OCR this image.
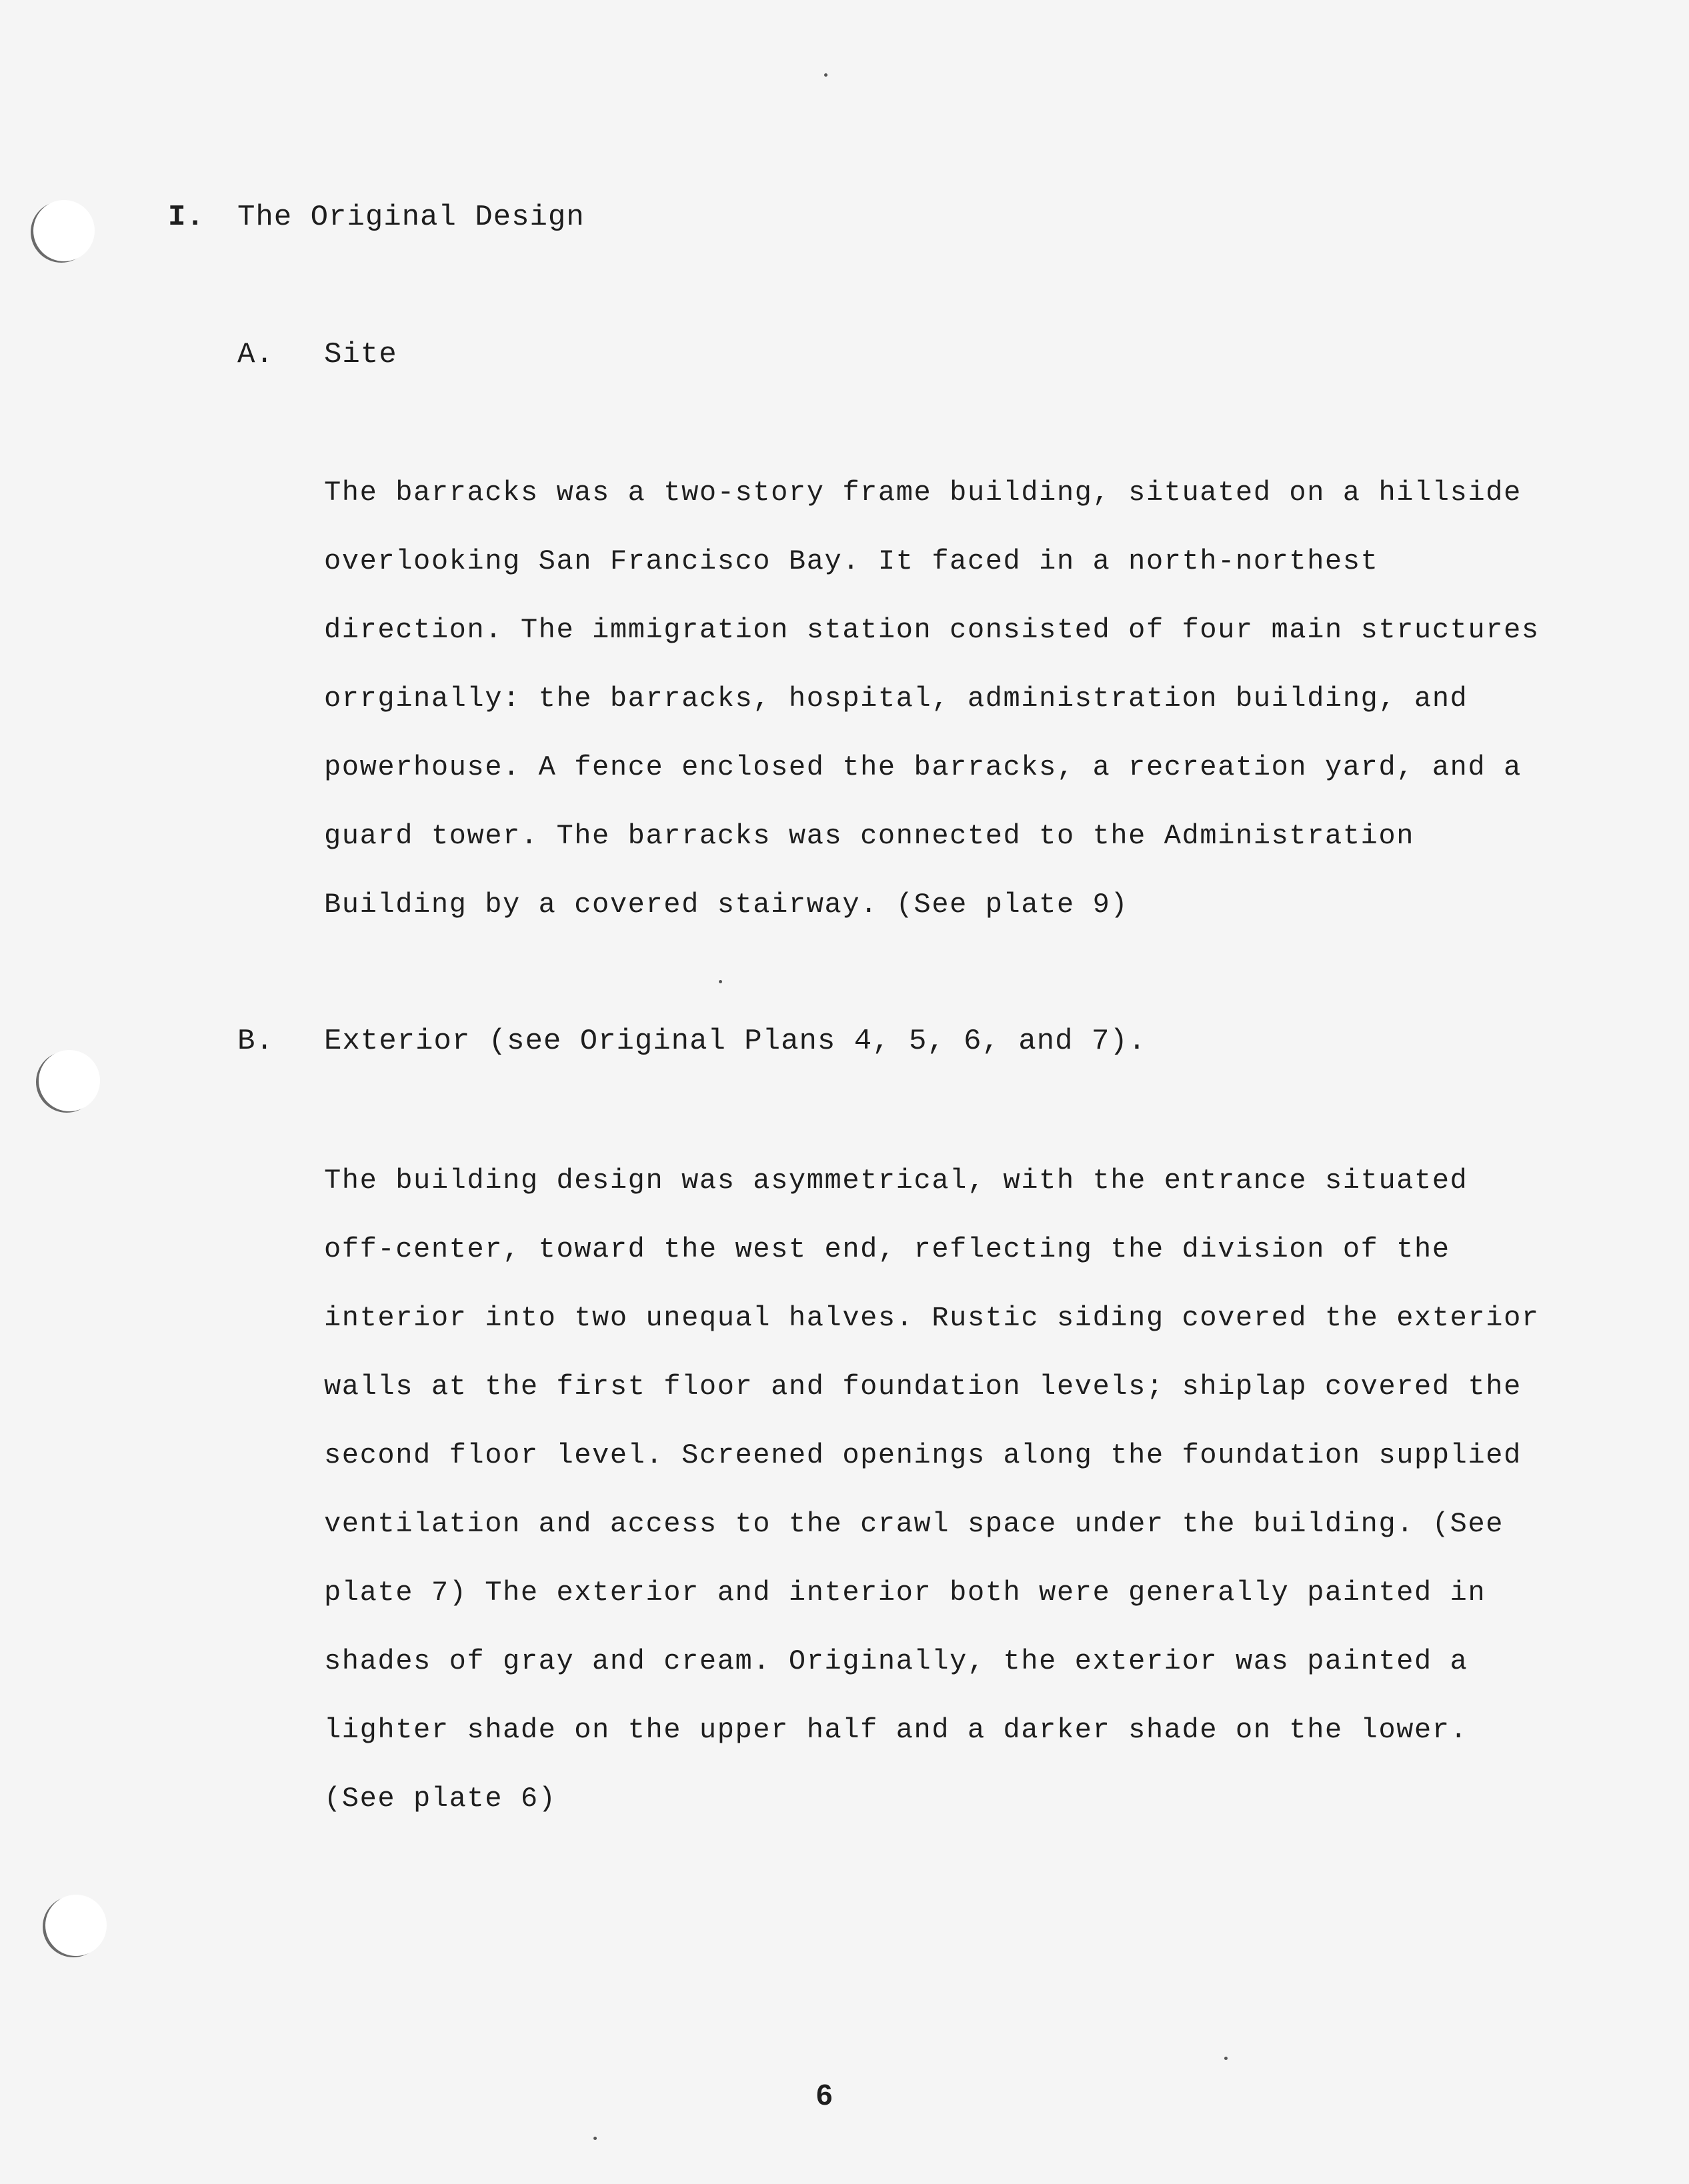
I. The Original Design
A. Site
The barracks was a two-story frame building, situated on a hillside
overlooking San Francisco Bay. It faced in a north-northest
direction. The immigration station consisted of four main structures
orrginally: the barracks, hospital, administration building, and
powerhouse. A fence enclosed the barracks, a recreation yard, and a
guard tower. The barracks was connected to the Administration
Building by a covered stairway. (See plate 9)
B. Exterior (see Original Plans 4, 5, 6, and 7).
The building design was asymmetrical, with the entrance situated
off-center, toward the west end, reflecting the division of the
interior into two unequal halves. Rustic siding covered the exterior
walls at the first floor and foundation levels; shiplap covered the
second floor level. Screened openings along the foundation supplied
ventilation and access to the crawl space under the building. (See
plate 7) The exterior and interior both were generally painted in
shades of gray and cream. Originally, the exterior was painted a
lighter shade on the upper half and a darker shade on the lower.
(See plate 6)
6
